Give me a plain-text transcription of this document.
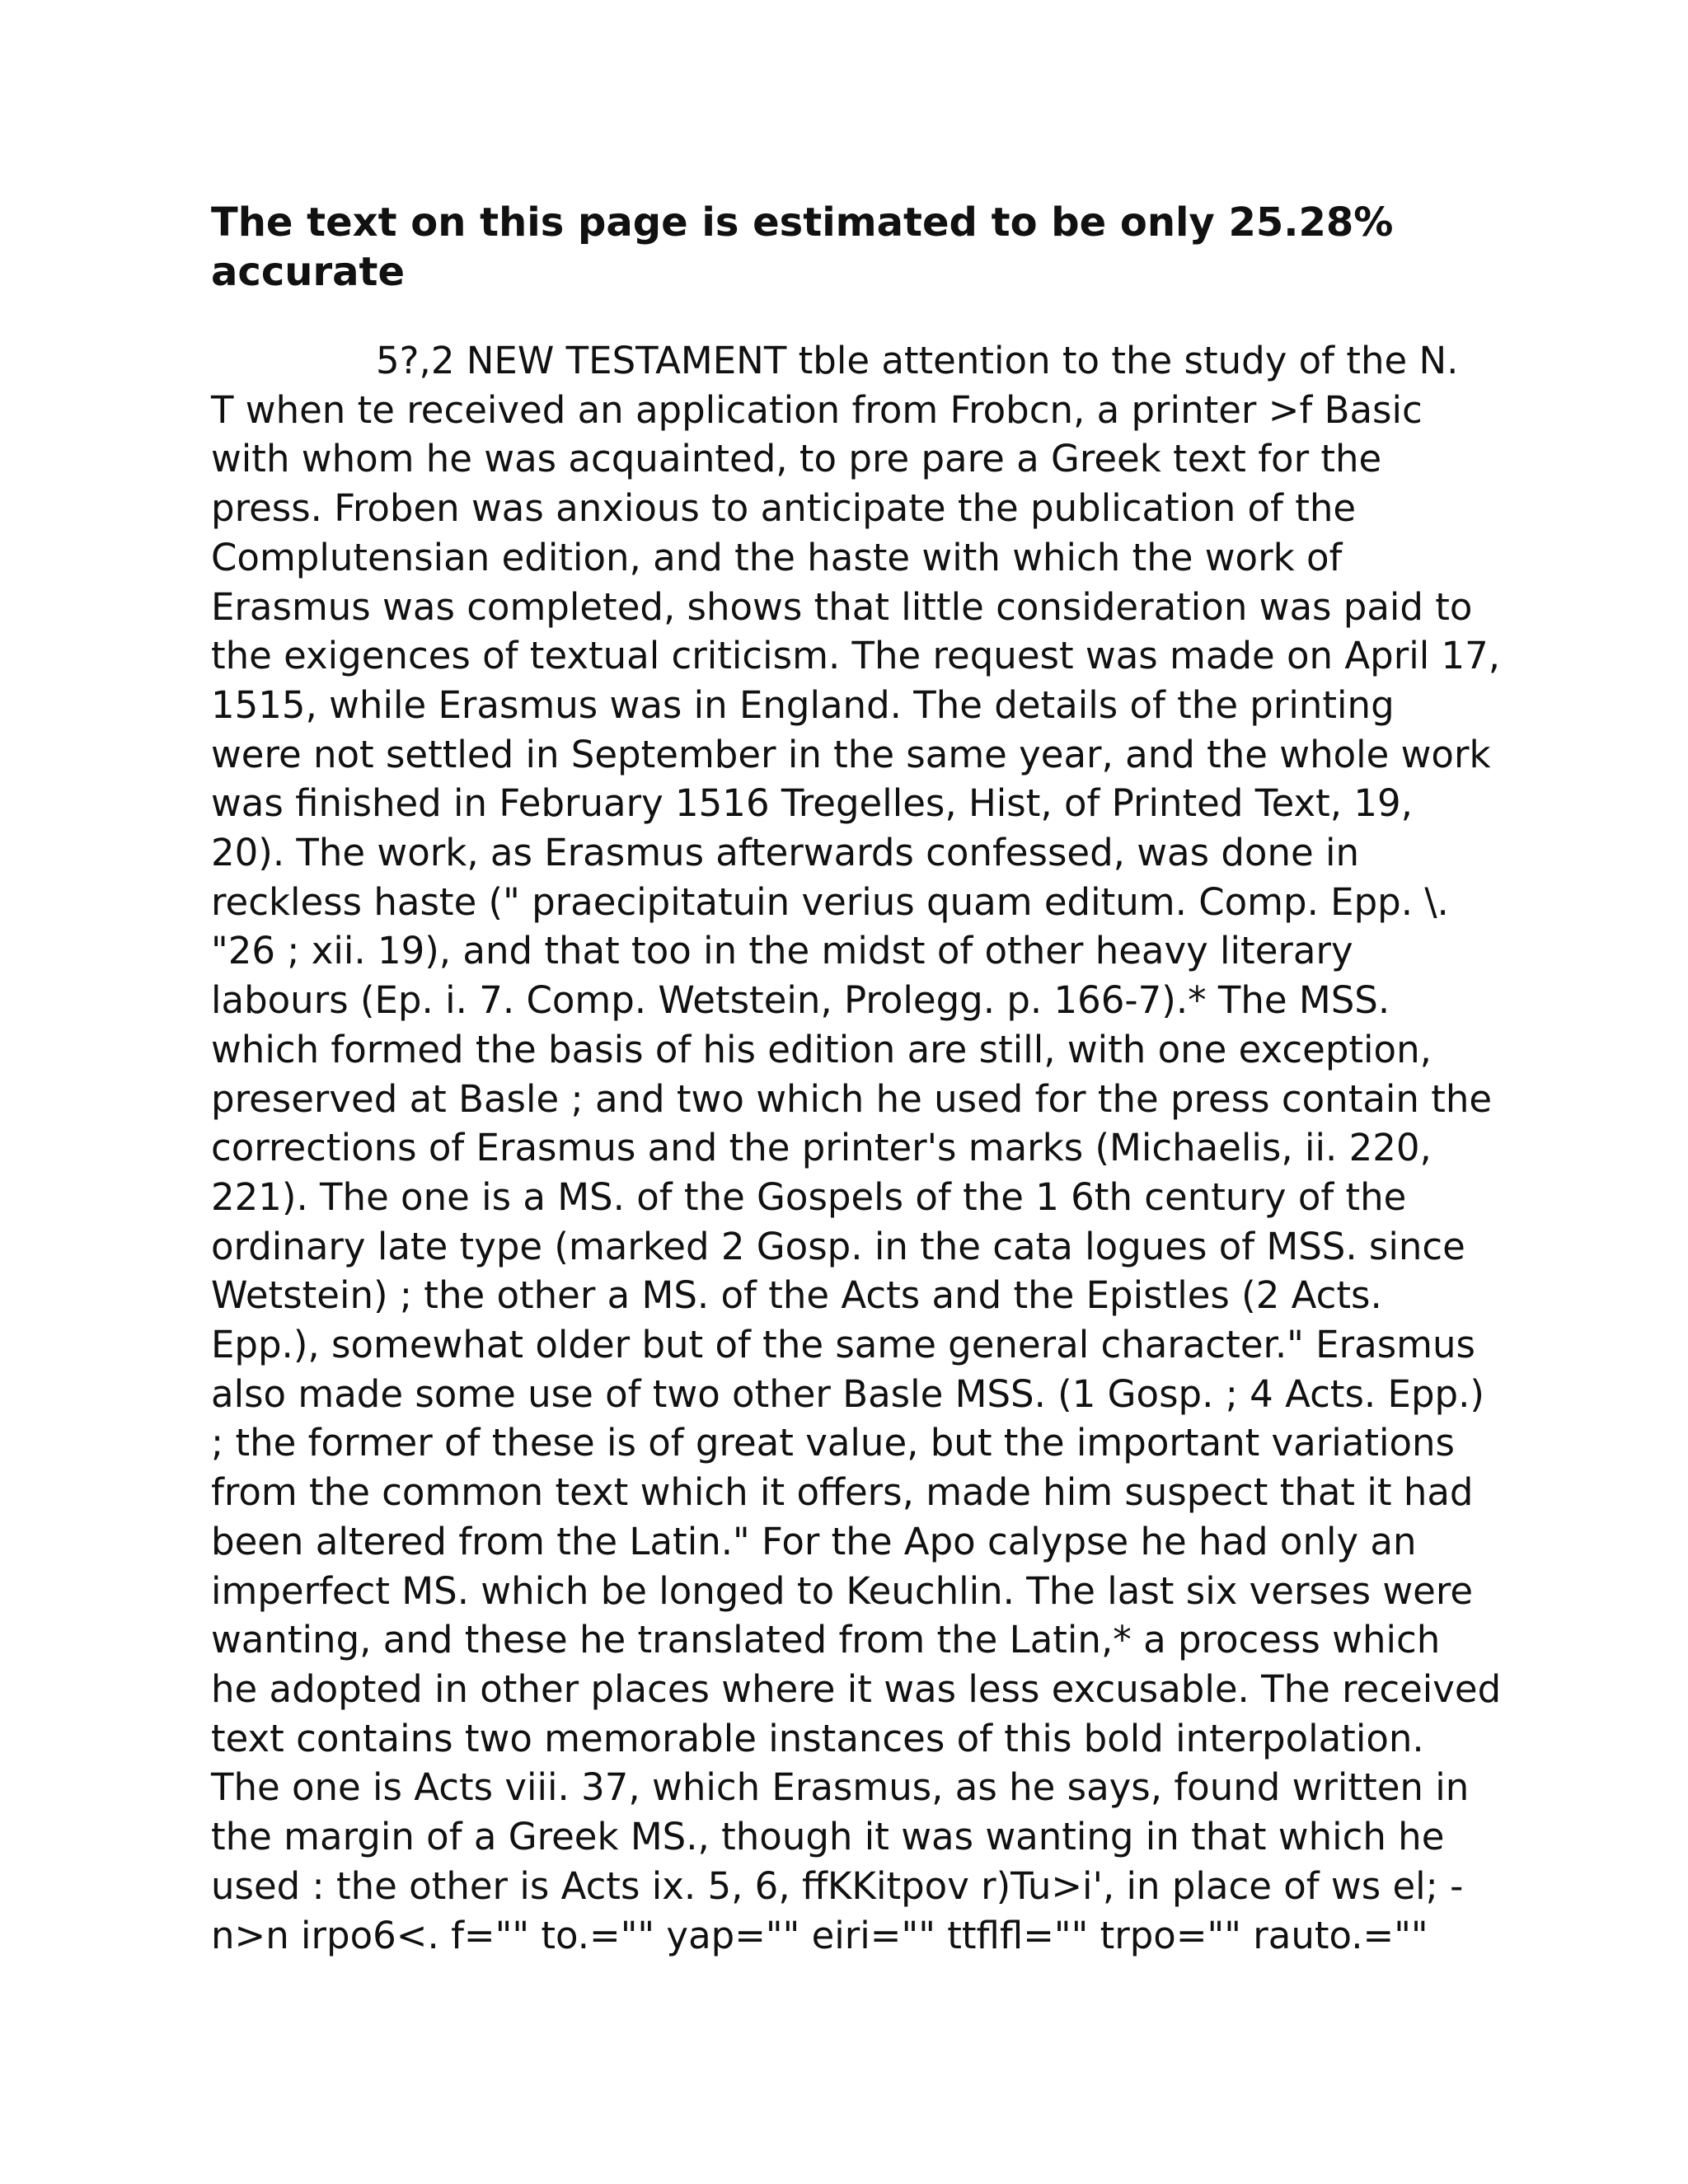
The text on this page is estimated to be only 25.28% accurate
5?,2 NEW TESTAMENT tble attention to the study of the N.
T when te received an application from Frobcn, a printer >f Basic
with whom he was acquainted, to pre pare a Greek text for the
press. Froben was anxious to anticipate the publication of the
Complutensian edition, and the haste with which the work of
Erasmus was completed, shows that little consideration was paid to
the exigences of textual criticism. The request was made on April 17,
1515, while Erasmus was in England. The details of the printing
were not settled in September in the same year, and the whole work
was finished in February 1516 Tregelles, Hist, of Printed Text, 19,
20). The work, as Erasmus afterwards confessed, was done in
reckless haste (" praecipitatuin verius quam editum. Comp. Epp. \.
"26 ; xii. 19), and that too in the midst of other heavy literary
labours (Ep. i. 7. Comp. Wetstein, Prolegg. p. 166-7).* The MSS.
which formed the basis of his edition are still, with one exception,
preserved at Basle ; and two which he used for the press contain the
corrections of Erasmus and the printer's marks (Michaelis, ii. 220,
221). The one is a MS. of the Gospels of the 1 6th century of the
ordinary late type (marked 2 Gosp. in the cata logues of MSS. since
Wetstein) ; the other a MS. of the Acts and the Epistles (2 Acts.
Epp.), somewhat older but of the same general character." Erasmus
also made some use of two other Basle MSS. (1 Gosp. ; 4 Acts. Epp.)
; the former of these is of great value, but the important variations
from the common text which it offers, made him suspect that it had
been altered from the Latin." For the Apo calypse he had only an
imperfect MS. which be longed to Keuchlin. The last six verses were
wanting, and these he translated from the Latin,* a process which
he adopted in other places where it was less excusable. The received
text contains two memorable instances of this bold interpolation.
The one is Acts viii. 37, which Erasmus, as he says, found written in
the margin of a Greek MS., though it was wanting in that which he
used : the other is Acts ix. 5, 6, ffKKitpov r)Tu>i', in place of ws el; -
n>n irpo6<. f="" to.="" yap="" eiri="" ttflfl="" trpo="" rauto.=""
